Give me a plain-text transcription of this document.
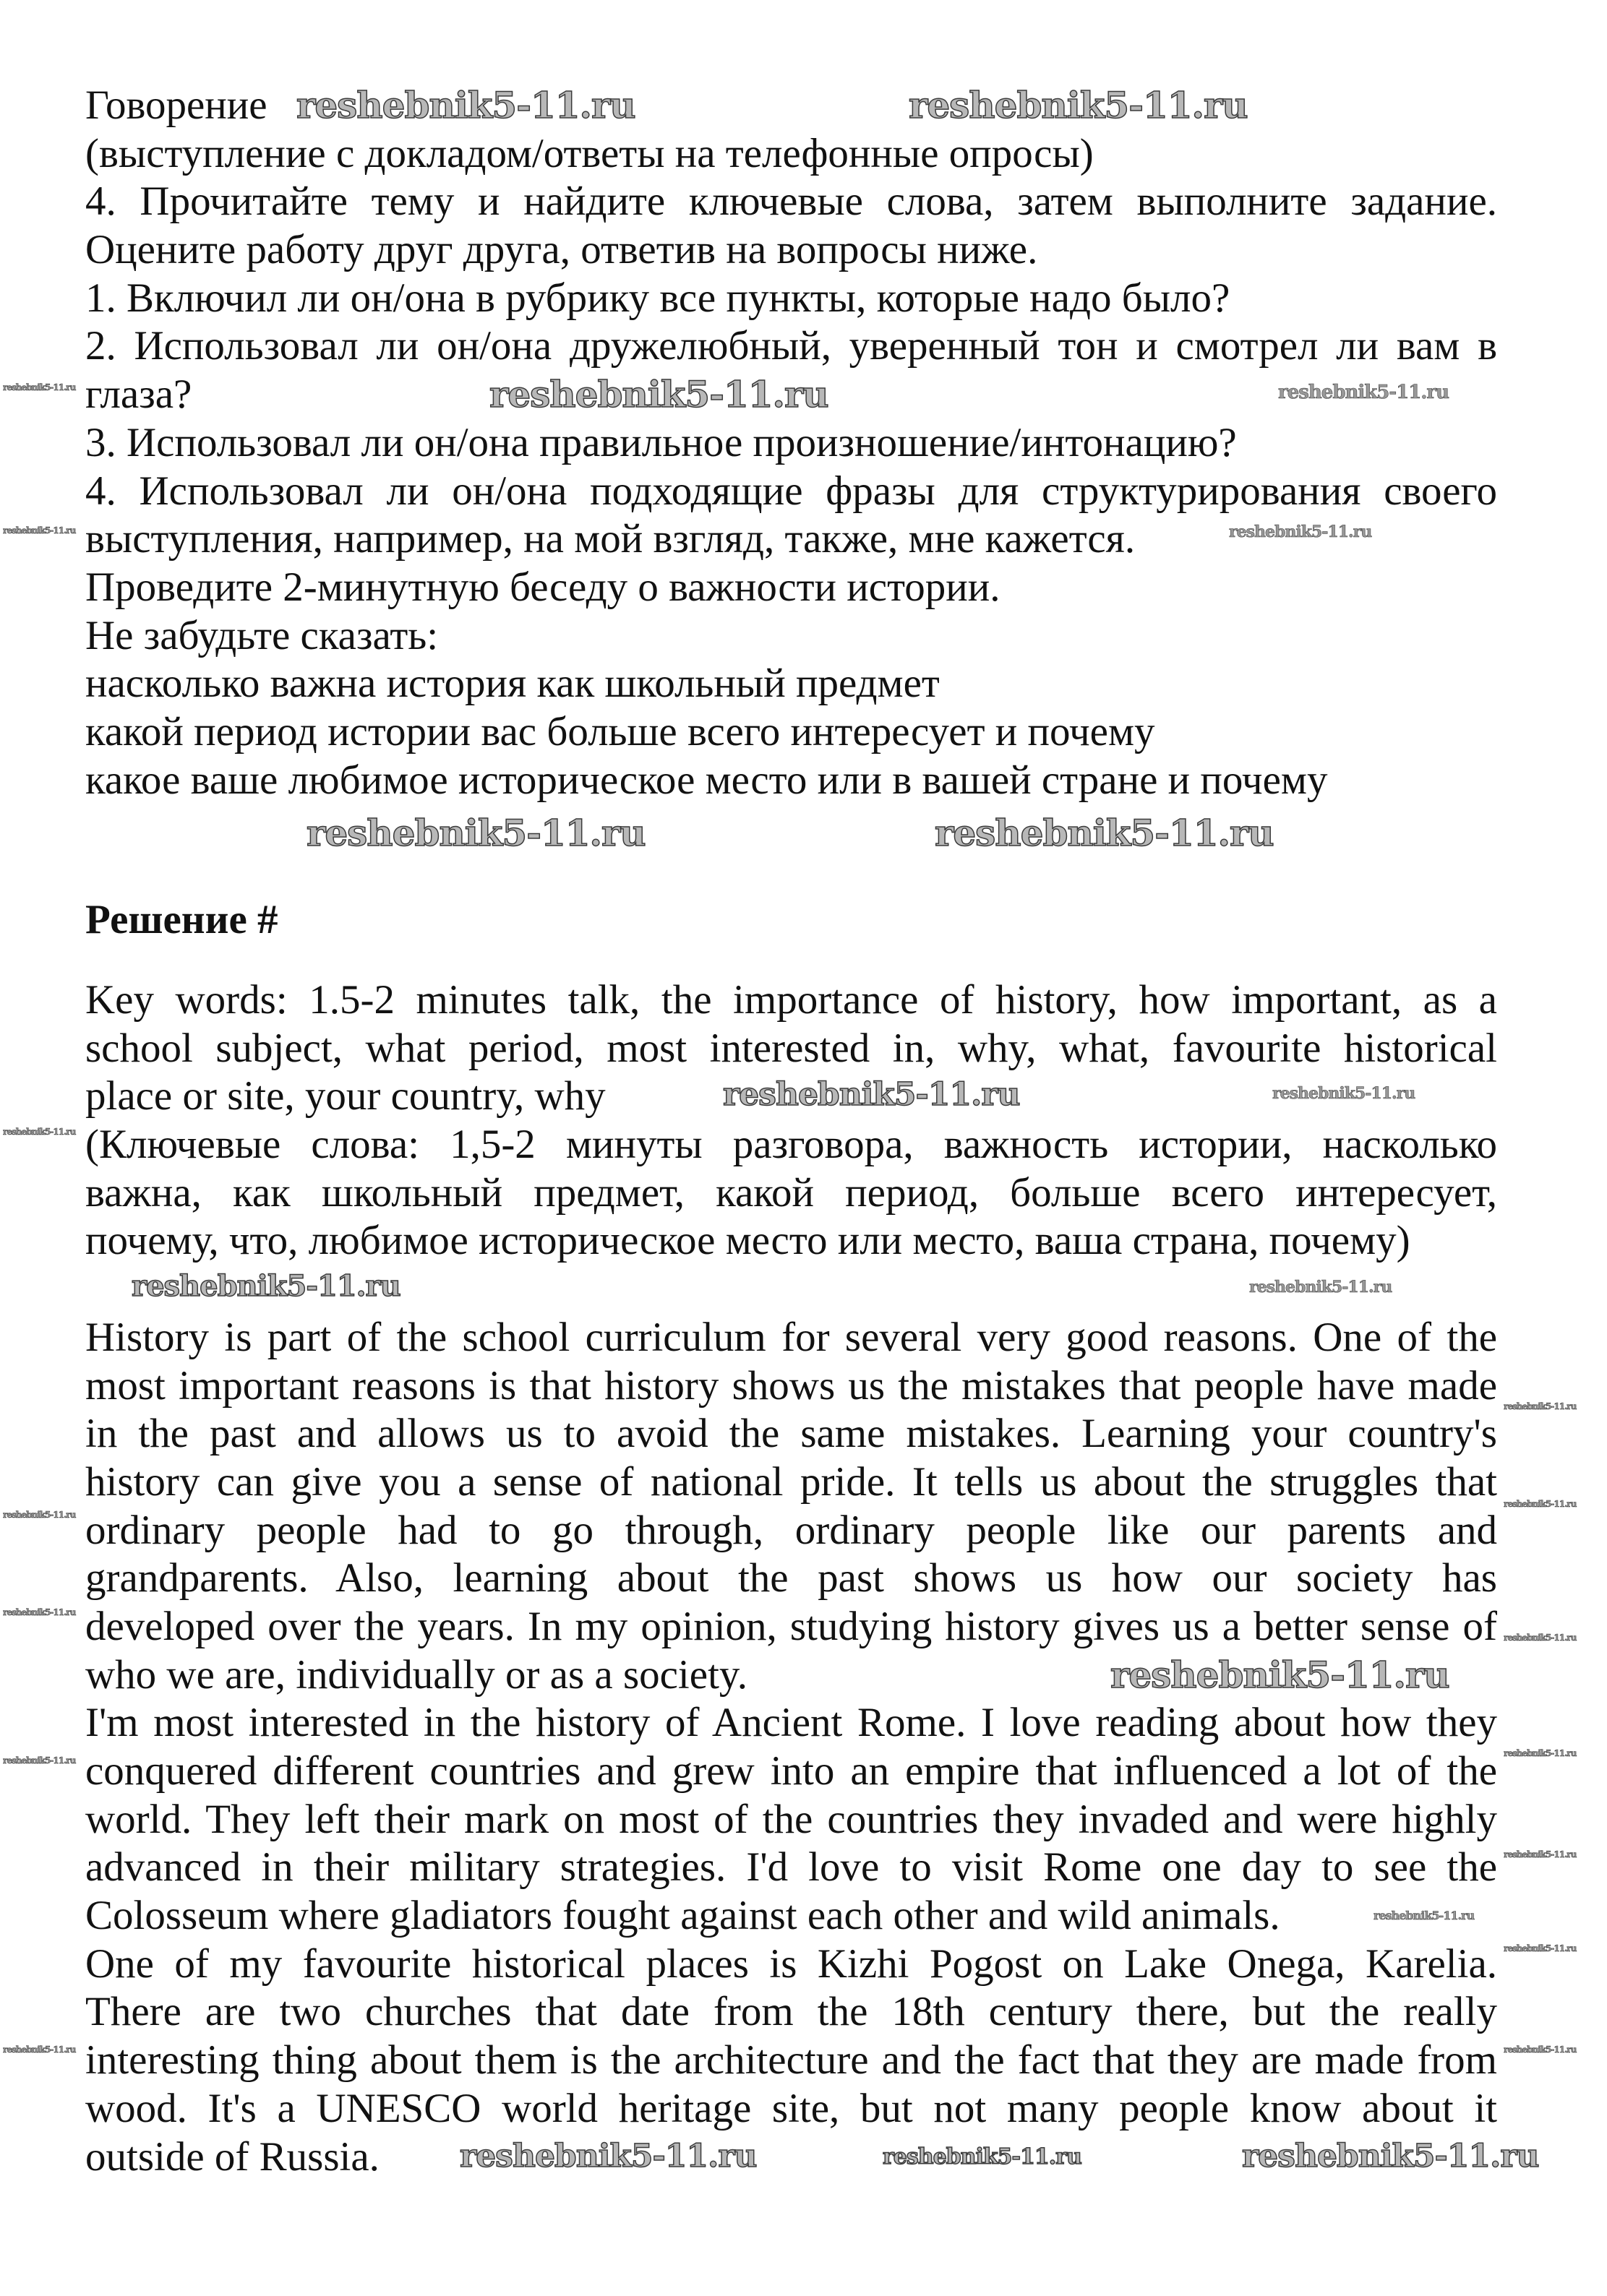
Говорение
(выступление с докладом/ответы на телефонные опросы)
4. Прочитайте тему и найдите ключевые слова, затем выполните задание.
Оцените работу друг друга, ответив на вопросы ниже.
1. Включил ли он/она в рубрику все пункты, которые надо было?
2. Использовал ли он/она дружелюбный, уверенный тон и смотрел ли вам в
глаза?
3. Использовал ли он/она правильное произношение/интонацию?
4. Использовал ли он/она подходящие фразы для структурирования своего
выступления, например, на мой взгляд, также, мне кажется.
Проведите 2-минутную беседу о важности истории.
Не забудьте сказать:
насколько важна история как школьный предмет
какой период истории вас больше всего интересует и почему
какое ваше любимое историческое место или в вашей стране и почему
Решение #
Key words: 1.5-2 minutes talk, the importance of history, how important, as a
school subject, what period, most interested in, why, what, favourite historical
place or site, your country, why
(Ключевые слова: 1,5-2 минуты разговора, важность истории, насколько
важна, как школьный предмет, какой период, больше всего интересует,
почему, что, любимое историческое место или место, ваша страна, почему)
History is part of the school curriculum for several very good reasons. One of the
most important reasons is that history shows us the mistakes that people have made
in the past and allows us to avoid the same mistakes. Learning your country's
history can give you a sense of national pride. It tells us about the struggles that
ordinary people had to go through, ordinary people like our parents and
grandparents. Also, learning about the past shows us how our society has
developed over the years. In my opinion, studying history gives us a better sense of
who we are, individually or as a society.
I'm most interested in the history of Ancient Rome. I love reading about how they
conquered different countries and grew into an empire that influenced a lot of the
world. They left their mark on most of the countries they invaded and were highly
advanced in their military strategies. I'd love to visit Rome one day to see the
Colosseum where gladiators fought against each other and wild animals.
One of my favourite historical places is Kizhi Pogost on Lake Onega, Karelia.
There are two churches that date from the 18th century there, but the really
interesting thing about them is the architecture and the fact that they are made from
wood. It's a UNESCO world heritage site, but not many people know about it
outside of Russia.
reshebnik5-11.ru	reshebnik5-11.ru
reshebnik5-11.ru	reshebnik5-11.ru
reshebnik5-11.ru
reshebnik5-11.ru	reshebnik5-11.ru
reshebnik5-11.ru	reshebnik5-11.ru
reshebnik5-11.ru	reshebnik5-11.ru
reshebnik5-11.ru
reshebnik5-11.ru
reshebnik5-11.ru	reshebnik5-11.ru	reshebnik5-11.ru
reshebnik5-11.ru
reshebnik5-11.ru
reshebnik5-11.ru
reshebnik5-11.ru
reshebnik5-11.ru
reshebnik5-11.ru
reshebnik5-11.ru
reshebnik5-11.ru
reshebnik5-11.ru
reshebnik5-11.ru
reshebnik5-11.ru
reshebnik5-11.ru
reshebnik5-11.ru
reshebnik5-11.ru
